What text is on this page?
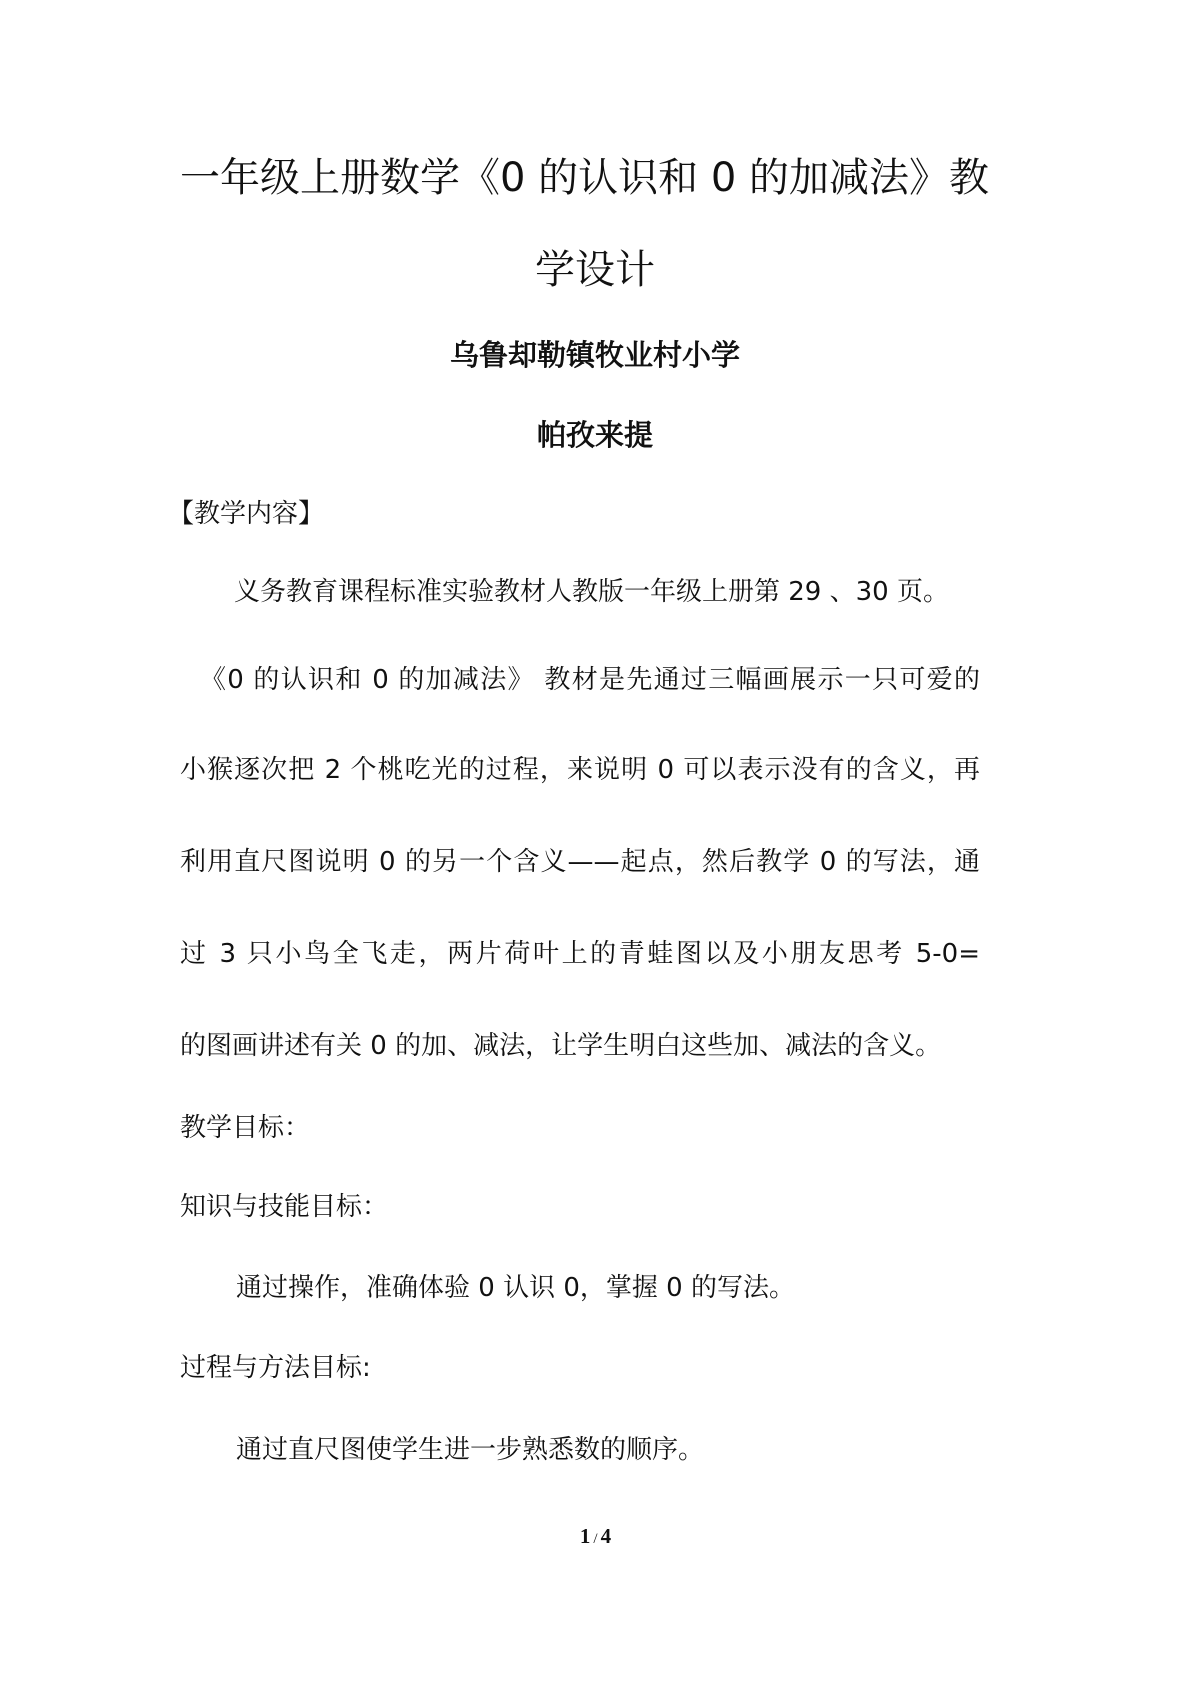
一年级上册数学《0 的认识和 0 的加减法》教
学设计
乌鲁却勒镇牧业村小学
帕孜来提
【教学内容】
义务教育课程标准实验教材人教版一年级上册第 29 、30 页。
《0 的认识和 0 的加减法》 教材是先通过三幅画展示一只可爱的
小猴逐次把 2 个桃吃光的过程，来说明 0 可以表示没有的含义，再
利用直尺图说明 0 的另一个含义——起点，然后教学 0 的写法，通
过 3 只小鸟全飞走，两片荷叶上的青蛙图以及小朋友思考 5-0=
的图画讲述有关 0 的加、减法，让学生明白这些加、减法的含义。
教学目标：
知识与技能目标：
通过操作，准确体验 0 认识 0，掌握 0 的写法。
过程与方法目标:
通过直尺图使学生进一步熟悉数的顺序。
1 / 4
